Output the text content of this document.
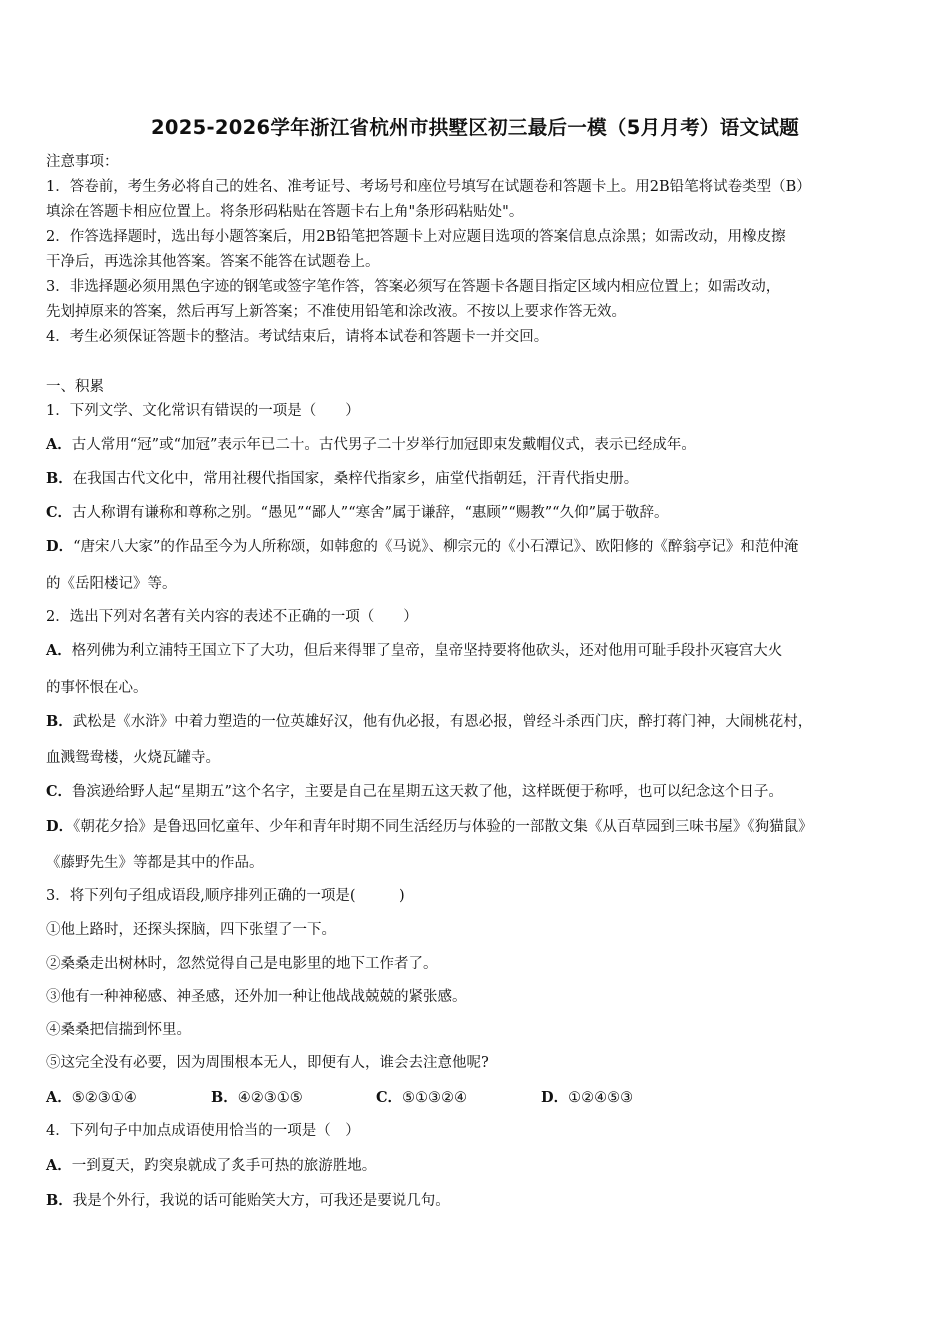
2025-2026学年浙江省杭州市拱墅区初三最后一模（5月月考）语文试题
注意事项：
1．答卷前，考生务必将自己的姓名、准考证号、考场号和座位号填写在试题卷和答题卡上。用2B铅笔将试卷类型（B）
填涂在答题卡相应位置上。将条形码粘贴在答题卡右上角"条形码粘贴处"。
2．作答选择题时，选出每小题答案后，用2B铅笔把答题卡上对应题目选项的答案信息点涂黑；如需改动，用橡皮擦
干净后，再选涂其他答案。答案不能答在试题卷上。
3．非选择题必须用黑色字迹的钢笔或签字笔作答，答案必须写在答题卡各题目指定区域内相应位置上；如需改动，
先划掉原来的答案，然后再写上新答案；不准使用铅笔和涂改液。不按以上要求作答无效。
4．考生必须保证答题卡的整洁。考试结束后，请将本试卷和答题卡一并交回。
一、积累
1．下列文学、文化常识有错误的一项是（　　）
A．古人常用“冠”或“加冠”表示年已二十。古代男子二十岁举行加冠即束发戴帽仪式，表示已经成年。
B．在我国古代文化中，常用社稷代指国家，桑梓代指家乡，庙堂代指朝廷，汗青代指史册。
C．古人称谓有谦称和尊称之别。“愚见”“鄙人”“寒舍”属于谦辞，“惠顾”“赐教”“久仰”属于敬辞。
D．“唐宋八大家”的作品至今为人所称颂，如韩愈的《马说》、柳宗元的《小石潭记》、欧阳修的《醉翁亭记》和范仲淹
的《岳阳楼记》等。
2．选出下列对名著有关内容的表述不正确的一项（　　）
A．格列佛为利立浦特王国立下了大功，但后来得罪了皇帝，皇帝坚持要将他砍头，还对他用可耻手段扑灭寝宫大火
的事怀恨在心。
B．武松是《水浒》中着力塑造的一位英雄好汉，他有仇必报，有恩必报，曾经斗杀西门庆，醉打蒋门神，大闹桃花村，
血溅鸳鸯楼，火烧瓦罐寺。
C．鲁滨逊给野人起“星期五”这个名字，主要是自己在星期五这天救了他，这样既便于称呼，也可以纪念这个日子。
D．《朝花夕拾》是鲁迅回忆童年、少年和青年时期不同生活经历与体验的一部散文集《从百草园到三味书屋》《狗猫鼠》
《藤野先生》等都是其中的作品。
3．将下列句子组成语段,顺序排列正确的一项是(　　　)
①他上路时，还探头探脑，四下张望了一下。
②桑桑走出树林时，忽然觉得自己是电影里的地下工作者了。
③他有一种神秘感、神圣感，还外加一种让他战战兢兢的紧张感。
④桑桑把信揣到怀里。
⑤这完全没有必要，因为周围根本无人，即便有人，谁会去注意他呢?
A．⑤②③①④	B．④②③①⑤	C．⑤①③②④	D．①②④⑤③
4．下列句子中加点成语使用恰当的一项是（　）
A．一到夏天，趵突泉就成了炙手可热的旅游胜地。
B．我是个外行，我说的话可能贻笑大方，可我还是要说几句。
